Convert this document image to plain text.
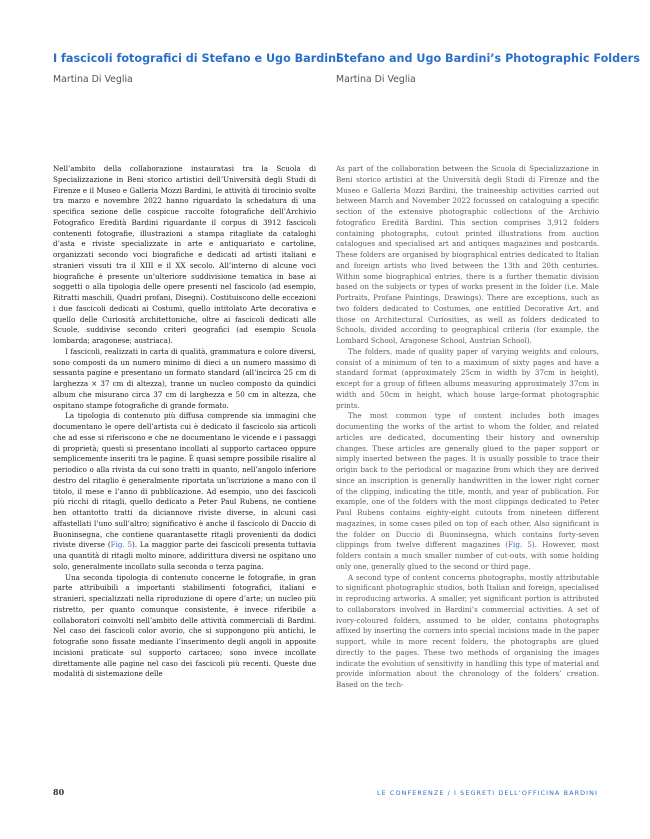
I fascicoli fotografici di Stefano e Ugo Bardini

Martina Di Veglia

Nell’ambito della collaborazione instauratasi tra la Scuola di Specializzazione in Beni storico artistici dell’Università degli Studi di Firenze e il Museo e Galleria Mozzi Bardini, le attività di tirocinio svolte tra marzo e novembre 2022 hanno riguardato la schedatura di una specifica sezione delle cospicue raccolte fotografiche dell’Archivio Fotografico Eredità Bardini riguardante il corpus di 3912 fascicoli contenenti fotografie, illustrazioni a stampa ritagliate da cataloghi d’asta e riviste specializzate in arte e antiquariato e cartoline, organizzati secondo voci biografiche e dedicati ad artisti italiani e stranieri vissuti tra il XIII e il XX secolo. All’interno di alcune voci biografiche è presente un’ulteriore suddivisione tematica in base ai soggetti o alla tipologia delle opere presenti nel fascicolo (ad esempio, Ritratti maschili, Quadri profani, Disegni). Costituiscono delle eccezioni i due fascicoli dedicati ai Costumi, quello intitolato Arte decorativa e quello delle Curiosità architettoniche, oltre ai fascicoli dedicati alle Scuole, suddivise secondo criteri geografici (ad esempio Scuola lombarda; aragonese; austriaca).

I fascicoli, realizzati in carta di qualità, grammatura e colore diversi, sono composti da un numero minimo di dieci a un numero massimo di sessanta pagine e presentano un formato standard (all’incirca 25 cm di larghezza × 37 cm di altezza), tranne un nucleo composto da quindici album che misurano circa 37 cm di larghezza e 50 cm in altezza, che ospitano stampe fotografiche di grande formato.

La tipologia di contenuto più diffusa comprende sia immagini che documentano le opere dell’artista cui è dedicato il fascicolo sia articoli che ad esse si riferiscono e che ne documentano le vicende e i passaggi di proprietà; questi si presentano incollati al supporto cartaceo oppure semplicemente inseriti tra le pagine. È quasi sempre possibile risalire al periodico o alla rivista da cui sono tratti in quanto, nell’angolo inferiore destro del ritaglio è generalmente riportata un’iscrizione a mano con il titolo, il mese e l’anno di pubblicazione. Ad esempio, uno dei fascicoli più ricchi di ritagli, quello dedicato a Peter Paul Rubens, ne contiene ben ottantotto tratti da diciannove riviste diverse, in alcuni casi affastellati l’uno sull’altro; significativo è anche il fascicolo di Duccio di Buoninsegna, che contiene quarantasette ritagli provenienti da dodici riviste diverse (Fig. 5). La maggior parte dei fascicoli presenta tuttavia una quantità di ritagli molto minore, addirittura diversi ne ospitano uno solo, generalmente incollato sulla seconda o terza pagina.

Una seconda tipologia di contenuto concerne le fotografie, in gran parte attribuibili a importanti stabilimenti fotografici, italiani e stranieri, specializzati nella riproduzione di opere d’arte; un nucleo più ristretto, per quanto comunque consistente, è invece riferibile a collaboratori coinvolti nell’ambito delle attività commerciali di Bardini. Nel caso dei fascicoli color avorio, che si suppongono più antichi, le fotografie sono fissate mediante l’inserimento degli angoli in apposite incisioni praticate sul supporto cartaceo; sono invece incollate direttamente alle pagine nel caso dei fascicoli più recenti. Queste due modalità di sistemazione delle

Stefano and Ugo Bardini’s Photographic Folders

Martina Di Veglia

As part of the collaboration between the Scuola di Specializzazione in Beni storico artistici at the Università degli Studi di Firenze and the Museo e Galleria Mozzi Bardini, the traineeship activities carried out between March and November 2022 focussed on cataloguing a specific section of the extensive photographic collections of the Archivio fotografico Eredità Bardini. This section comprises 3,912 folders containing photographs, cutout printed illustrations from auction catalogues and specialised art and antiques magazines and postcards. These folders are organised by biographical entries dedicated to Italian and foreign artists who lived between the 13th and 20th centuries. Within some biographical entries, there is a further thematic division based on the subjects or types of works present in the folder (i.e. Male Portraits, Profane Paintings, Drawings). There are exceptions, such as two folders dedicated to Costumes, one entitled Decorative Art, and those on Architectural Curiosities, as well as folders dedicated to Schools, divided according to geographical criteria (for example, the Lombard School, Aragonese School, Austrian School).

The folders, made of quality paper of varying weights and colours, consist of a minimum of ten to a maximum of sixty pages and have a standard format (approximately 25cm in width by 37cm in height), except for a group of fifteen albums measuring approximately 37cm in width and 50cm in height, which house large-format photographic prints.

The most common type of content includes both images documenting the works of the artist to whom the folder, and related articles are dedicated, documenting their history and ownership changes. These articles are generally glued to the paper support or simply inserted between the pages. It is usually possible to trace their origin back to the periodical or magazine from which they are derived since an inscription is generally handwritten in the lower right corner of the clipping, indicating the title, month, and year of publication. For example, one of the folders with the most clippings dedicated to Peter Paul Rubens contains eighty-eight cutouts from nineteen different magazines, in some cases piled on top of each other. Also significant is the folder on Duccio di Buoninsegna, which contains forty-seven clippings from twelve different magazines (Fig. 5). However, most folders contain a much smaller number of cut-outs, with some holding only one, generally glued to the second or third page.

A second type of content concerns photographs, mostly attributable to significant photographic studios, both Italian and foreign, specialised in reproducing artworks. A smaller, yet significant portion is attributed to collaborators involved in Bardini’s commercial activities. A set of ivory-coloured folders, assumed to be older, contains photographs affixed by inserting the corners into special incisions made in the paper support, while in more recent folders, the photographs are glued directly to the pages. These two methods of organising the images indicate the evolution of sensitivity in handling this type of material and provide information about the chronology of the folders’ creation. Based on the tech-

80	LE CONFERENZE / I SEGRETI DELL’OFFICINA BARDINI
